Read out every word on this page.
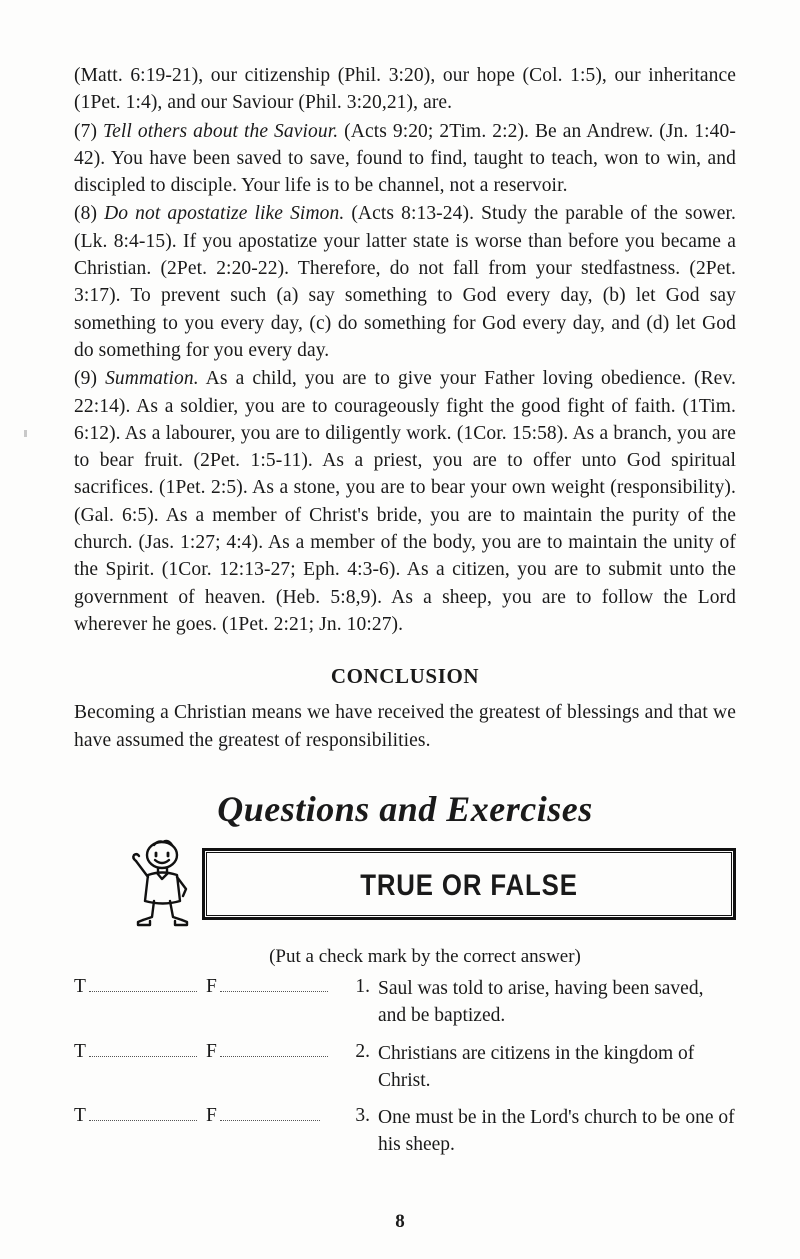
(Matt. 6:19-21), our citizenship (Phil. 3:20), our hope (Col. 1:5), our inheritance (1Pet. 1:4), and our Saviour (Phil. 3:20,21), are.

(7) Tell others about the Saviour. (Acts 9:20; 2Tim. 2:2). Be an Andrew. (Jn. 1:40-42). You have been saved to save, found to find, taught to teach, won to win, and discipled to disciple. Your life is to be channel, not a reservoir.

(8) Do not apostatize like Simon. (Acts 8:13-24). Study the parable of the sower. (Lk. 8:4-15). If you apostatize your latter state is worse than before you became a Christian. (2Pet. 2:20-22). Therefore, do not fall from your stedfastness. (2Pet. 3:17). To prevent such (a) say something to God every day, (b) let God say something to you every day, (c) do something for God every day, and (d) let God do something for you every day.

(9) Summation. As a child, you are to give your Father loving obedience. (Rev. 22:14). As a soldier, you are to courageously fight the good fight of faith. (1Tim. 6:12). As a labourer, you are to diligently work. (1Cor. 15:58). As a branch, you are to bear fruit. (2Pet. 1:5-11). As a priest, you are to offer unto God spiritual sacrifices. (1Pet. 2:5). As a stone, you are to bear your own weight (responsibility). (Gal. 6:5). As a member of Christ's bride, you are to maintain the purity of the church. (Jas. 1:27; 4:4). As a member of the body, you are to maintain the unity of the Spirit. (1Cor. 12:13-27; Eph. 4:3-6). As a citizen, you are to submit unto the government of heaven. (Heb. 5:8,9). As a sheep, you are to follow the Lord wherever he goes. (1Pet. 2:21; Jn. 10:27).

CONCLUSION

Becoming a Christian means we have received the greatest of blessings and that we have assumed the greatest of responsibilities.

Questions and Exercises
TRUE OR FALSE
(Put a check mark by the correct answer)
T	F	1. Saul was told to arise, having been saved, and be baptized.
T	F	2. Christians are citizens in the kingdom of Christ.
T	F	3. One must be in the Lord's church to be one of his sheep.
8
